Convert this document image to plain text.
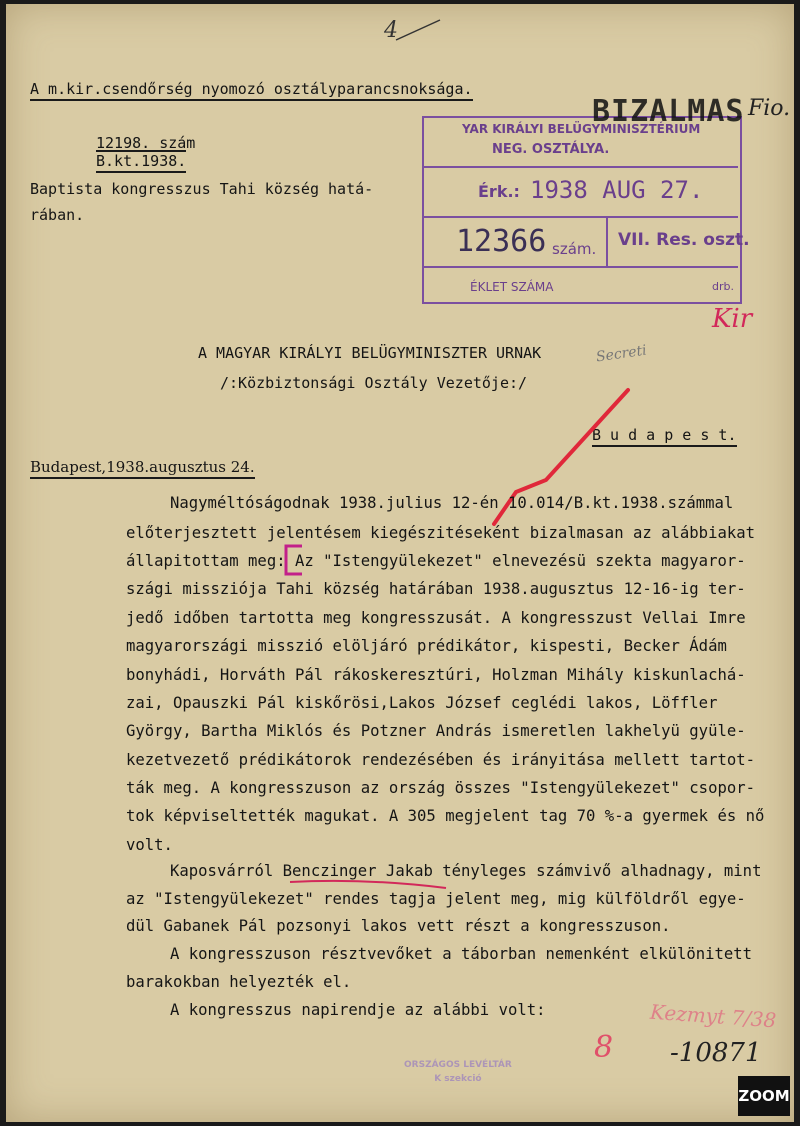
4
A m.kir.csendőrség nyomozó osztályparancsnoksága.
12198. szám
B.kt.1938.
Baptista kongresszus Tahi község hatá-
rában.
YAR KIRÁLYI BELÜGYMINISZTÉRIUM
NEG. OSZTÁLYA.
Érk.: 1938 AUG 27.
12366 szám. VII. Res. oszt.
ÉKLET SZÁMA	drb.
BIZALMAS Fio.
Kir
Secreti
A MAGYAR KIRÁLYI BELÜGYMINISZTER URNAK
/:Közbiztonsági Osztály Vezetője:/
B u d a p e s t.
Budapest,1938.augusztus 24.
Nagyméltóságodnak 1938.julius 12-én 10.014/B.kt.1938.számmal
előterjesztett jelentésem kiegészitéseként bizalmasan az alábbiakat
állapitottam meg: Az "Istengyülekezet" elnevezésü szekta magyaror-
szági missziója Tahi község határában 1938.augusztus 12-16-ig ter-
jedő időben tartotta meg kongresszusát. A kongresszust Vellai Imre
magyarországi misszió elöljáró prédikátor, kispesti, Becker Ádám
bonyhádi, Horváth Pál rákoskeresztúri, Holzman Mihály kiskunlachá-
zai, Opauszki Pál kiskőrösi,Lakos József ceglédi lakos, Löffler
György, Bartha Miklós és Potzner András ismeretlen lakhelyü gyüle-
kezetvezető prédikátorok rendezésében és irányitása mellett tartot-
ták meg. A kongresszuson az ország összes "Istengyülekezet" csopor-
tok képviseltették magukat. A 305 megjelent tag 70 %-a gyermek és nő
volt.
Kaposvárról Benczinger Jakab tényleges számvivő alhadnagy, mint
az "Istengyülekezet" rendes tagja jelent meg, mig külföldről egye-
dül Gabanek Pál pozsonyi lakos vett részt a kongresszuson.
A kongresszuson résztvevőket a táborban nemenként elkülönitett
barakokban helyezték el.
A kongresszus napirendje az alábbi volt:	Kezmyt 7/38
8 -10871
ORSZÁGOS LEVÉLTÁR
K szekció
ZOOM
